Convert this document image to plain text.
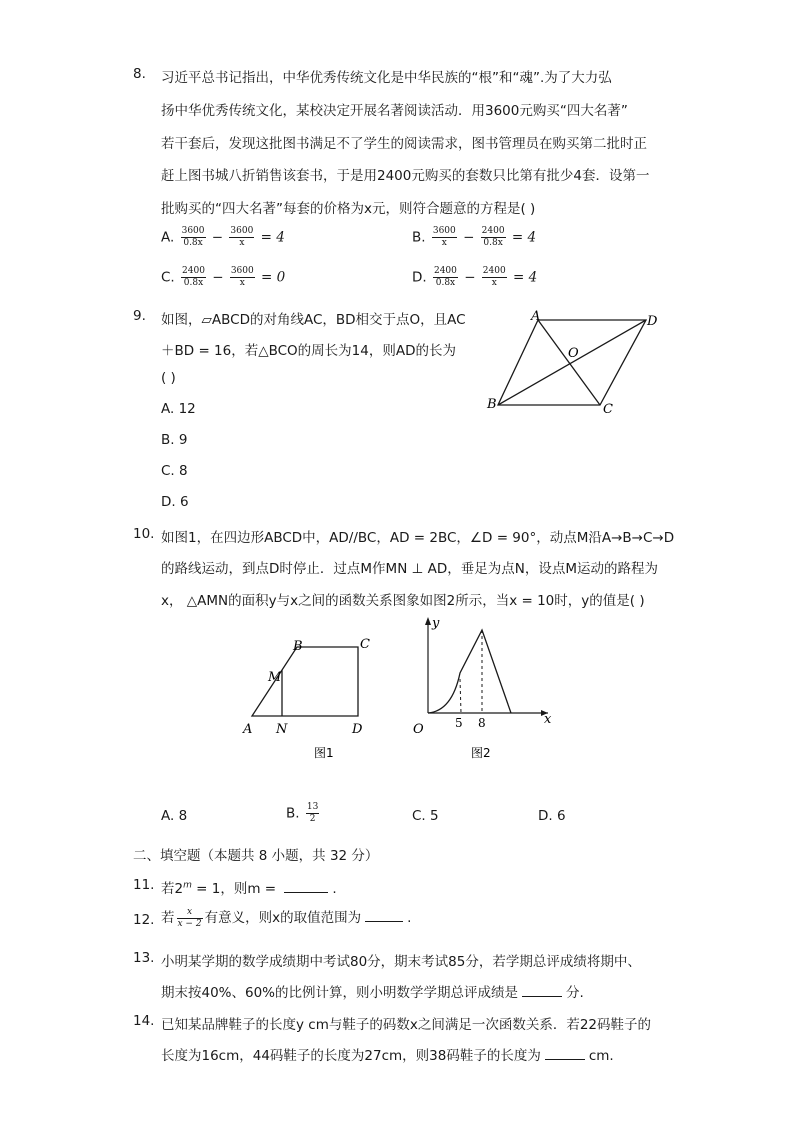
8. 习近平总书记指出，中华优秀传统文化是中华民族的“根”和“魂”.为了大力弘
扬中华优秀传统文化，某校决定开展名著阅读活动．用3600元购买“四大名著”
若干套后，发现这批图书满足不了学生的阅读需求，图书管理员在购买第二批时正
赶上图书城八折销售该套书，于是用2400元购买的套数只比第有批少4套．设第一
批购买的“四大名著”每套的价格为x元，则符合题意的方程是( )
A. $\frac{3600}{0.8x} - \frac{3600}{x} = 4$	B. $\frac{3600}{x} - \frac{2400}{0.8x} = 4$
C. $\frac{2400}{0.8x} - \frac{3600}{x} = 0$	D. $\frac{2400}{0.8x} - \frac{2400}{x} = 4$
9. 如图，▱ABCD的对角线AC，BD相交于点O，且AC
＋BD = 16，若△BCO的周长为14，则AD的长为
( )
A. 12
B. 9
C. 8
D. 6
A	D
B	C
O
10. 如图1，在四边形ABCD中，AD//BC，AD = 2BC，∠D = 90°，动点M沿A→B→C→D
的路线运动，到点D时停止．过点M作MN ⊥ AD，垂足为点N，设点M运动的路程为
x， △AMN的面积y与x之间的函数关系图象如图2所示，当x = 10时，y的值是( )
B	C
M
A N	D
图1
y
x
O	5 8
图2
A. 8	B. $\frac{13}{2}$	C. 5	D. 6
二、填空题（本题共 8 小题，共 32 分）
11. 若$2^m = 1$，则m =	.
12. 若 $\frac{x}{x - 2}$ 有意义，则x的取值范围为	.
13. 小明某学期的数学成绩期中考试80分，期末考试85分，若学期总评成绩将期中、
期末按40%、60%的比例计算，则小明数学学期总评成绩是	分.
14. 已知某品牌鞋子的长度y cm与鞋子的码数x之间满足一次函数关系．若22码鞋子的
长度为16cm，44码鞋子的长度为27cm，则38码鞋子的长度为	cm.
